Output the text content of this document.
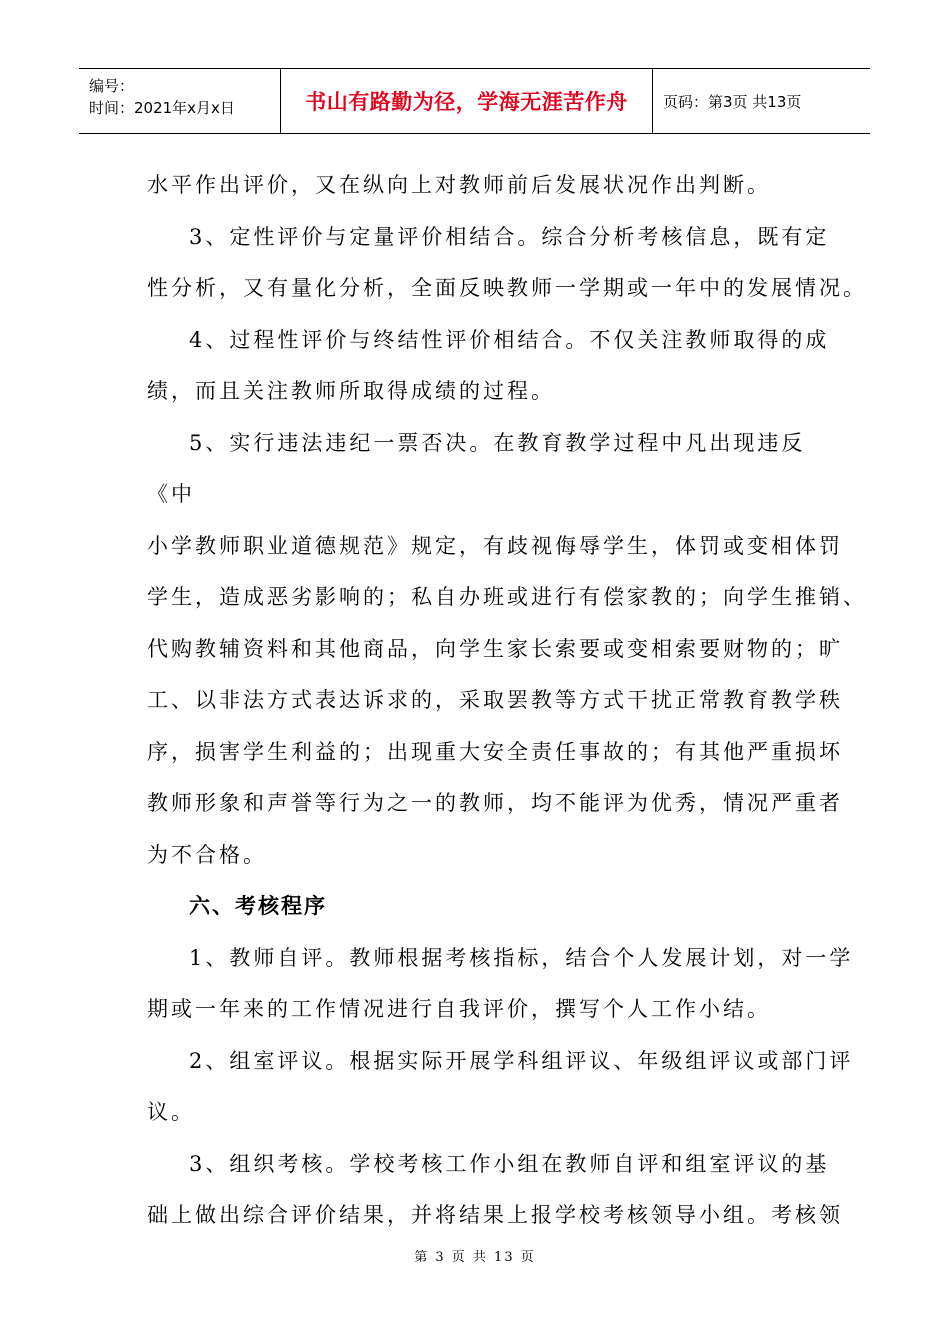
编号：
时间：2021年x月x日	书山有路勤为径，学海无涯苦作舟 页码：第3页 共13页
水平作出评价，又在纵向上对教师前后发展状况作出判断。
3、定性评价与定量评价相结合。综合分析考核信息，既有定
性分析，又有量化分析，全面反映教师一学期或一年中的发展情况。
4、过程性评价与终结性评价相结合。不仅关注教师取得的成
绩，而且关注教师所取得成绩的过程。
5、实行违法违纪一票否决。在教育教学过程中凡出现违反
《中
小学教师职业道德规范》规定，有歧视侮辱学生，体罚或变相体罚
学生，造成恶劣影响的；私自办班或进行有偿家教的；向学生推销、
代购教辅资料和其他商品，向学生家长索要或变相索要财物的；旷
工、以非法方式表达诉求的，采取罢教等方式干扰正常教育教学秩
序，损害学生利益的；出现重大安全责任事故的；有其他严重损坏
教师形象和声誉等行为之一的教师，均不能评为优秀，情况严重者
为不合格。
六、考核程序
1、教师自评。教师根据考核指标，结合个人发展计划，对一学
期或一年来的工作情况进行自我评价，撰写个人工作小结。
2、组室评议。根据实际开展学科组评议、年级组评议或部门评
议。
3、组织考核。学校考核工作小组在教师自评和组室评议的基
础上做出综合评价结果，并将结果上报学校考核领导小组。考核领
第 3 页 共 13 页
